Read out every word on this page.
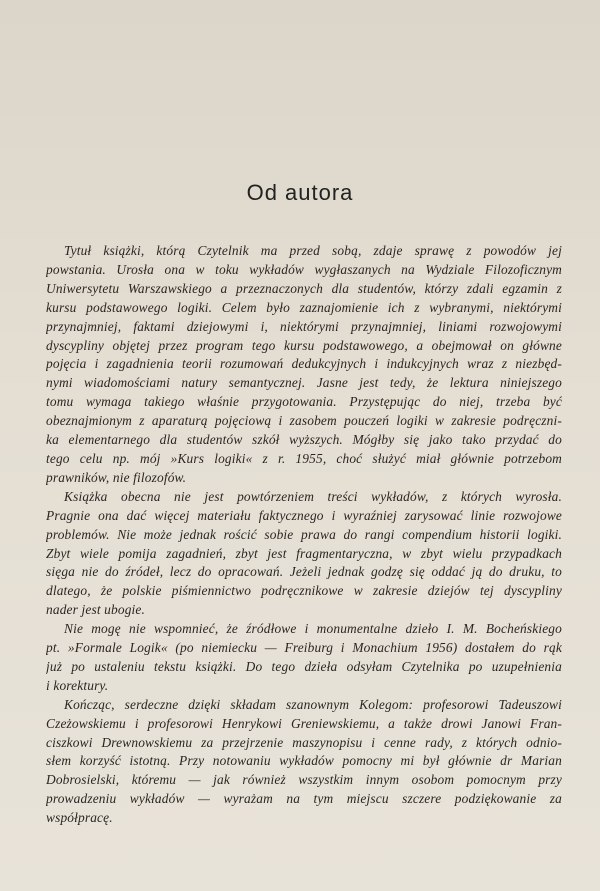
Od autora

Tytuł książki, którą Czytelnik ma przed sobą, zdaje sprawę z powodów jej
powstania. Urosła ona w toku wykładów wygłaszanych na Wydziale Filozoficznym
Uniwersytetu Warszawskiego a przeznaczonych dla studentów, którzy zdali egzamin z
kursu podstawowego logiki. Celem było zaznajomienie ich z wybranymi, niektórymi
przynajmniej, faktami dziejowymi i, niektórymi przynajmniej, liniami rozwojowymi
dyscypliny objętej przez program tego kursu podstawowego, a obejmował on główne
pojęcia i zagadnienia teorii rozumowań dedukcyjnych i indukcyjnych wraz z niezbęd-
nymi wiadomościami natury semantycznej. Jasne jest tedy, że lektura niniejszego
tomu wymaga takiego właśnie przygotowania. Przystępując do niej, trzeba być
obeznajmionym z aparaturą pojęciową i zasobem pouczeń logiki w zakresie podręczni-
ka elementarnego dla studentów szkół wyższych. Mógłby się jako tako przydać do
tego celu np. mój »Kurs logiki« z r. 1955, choć służyć miał głównie potrzebom
prawników, nie filozofów.

Książka obecna nie jest powtórzeniem treści wykładów, z których wyrosła.
Pragnie ona dać więcej materiału faktycznego i wyraźniej zarysować linie rozwojowe
problemów. Nie może jednak rościć sobie prawa do rangi compendium historii logiki.
Zbyt wiele pomija zagadnień, zbyt jest fragmentaryczna, w zbyt wielu przypadkach
sięga nie do źródeł, lecz do opracowań. Jeżeli jednak godzę się oddać ją do druku, to
dlatego, że polskie piśmiennictwo podręcznikowe w zakresie dziejów tej dyscypliny
nader jest ubogie.

Nie mogę nie wspomnieć, że źródłowe i monumentalne dzieło I. M. Bocheńskiego
pt. »Formale Logik« (po niemiecku — Freiburg i Monachium 1956) dostałem do rąk
już po ustaleniu tekstu książki. Do tego dzieła odsyłam Czytelnika po uzupełnienia
i korektury.

Kończąc, serdeczne dzięki składam szanownym Kolegom: profesorowi Tadeuszowi
Czeżowskiemu i profesorowi Henrykowi Greniewskiemu, a także drowi Janowi Fran-
ciszkowi Drewnowskiemu za przejrzenie maszynopisu i cenne rady, z których odnio-
słem korzyść istotną. Przy notowaniu wykładów pomocny mi był głównie dr Marian
Dobrosielski, któremu — jak również wszystkim innym osobom pomocnym przy
prowadzeniu wykładów — wyrażam na tym miejscu szczere podziękowanie za
współpracę.
